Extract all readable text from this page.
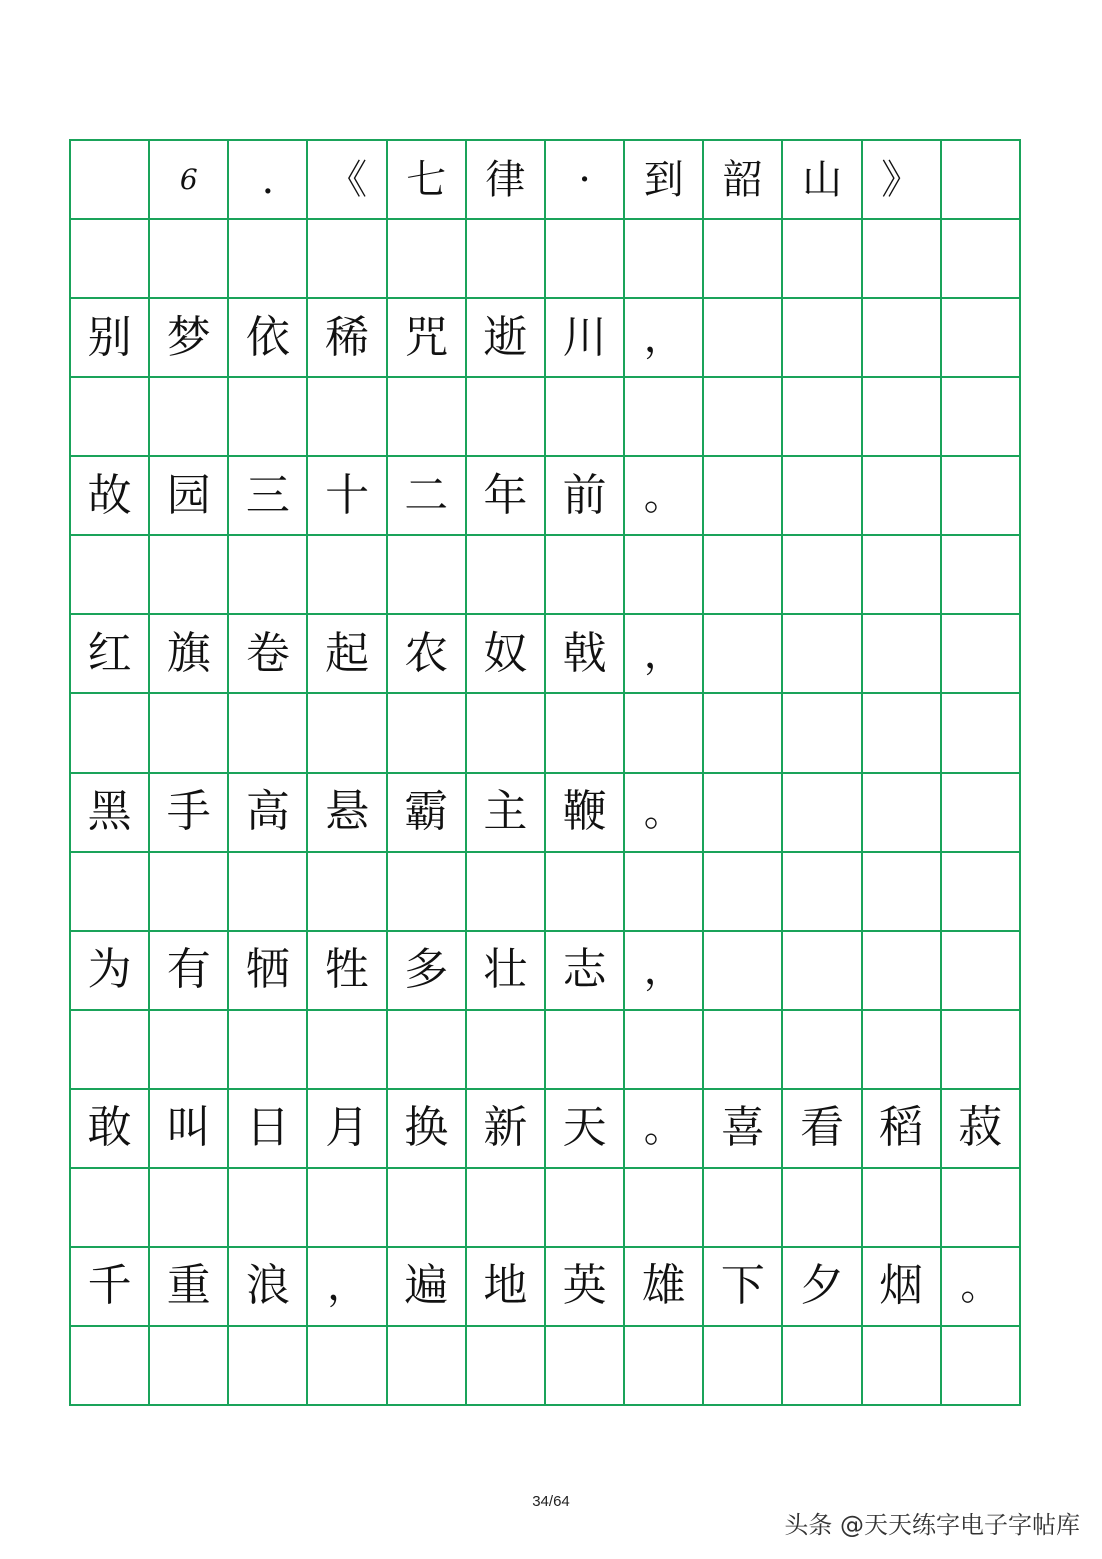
6	.	《 七 律	·	到 韶 山 》
别 梦 依 稀 咒 逝 川 ，
故 园 三 十 二 年 前 。
红 旗 卷 起 农 奴 戟 ，
黑 手 高 悬 霸 主 鞭 。
为 有 牺 牲 多 壮 志 ，
敢 叫 日 月 换 新 天 。 喜 看 稻 菽
千 重 浪 ， 遍 地 英 雄 下 夕 烟 。
34/64
头条 @天天练字电子字帖库
